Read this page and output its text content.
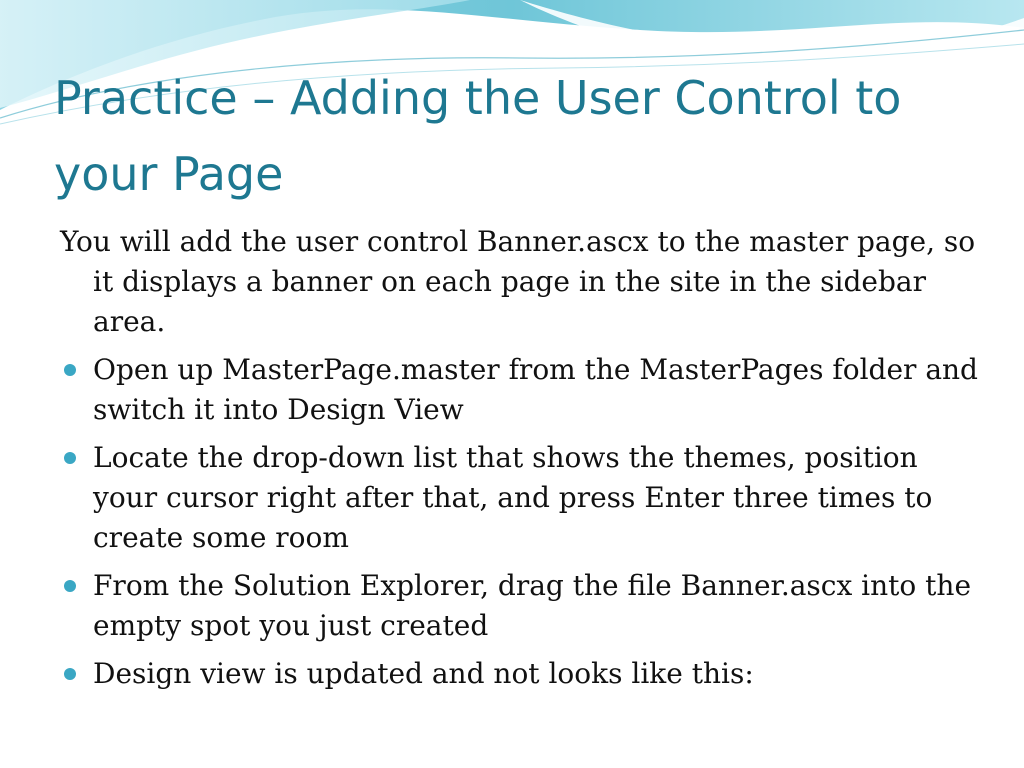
Practice – Adding the User Control to your Page

You will add the user control Banner.ascx to the master page, so it displays a banner on each page in the site in the sidebar area.

Open up MasterPage.master from the MasterPages folder and switch it into Design View
Locate the drop-down list that shows the themes, position your cursor right after that, and press Enter three times to create some room
From the Solution Explorer, drag the file Banner.ascx into the empty spot you just created
Design view is updated and not looks like this:
